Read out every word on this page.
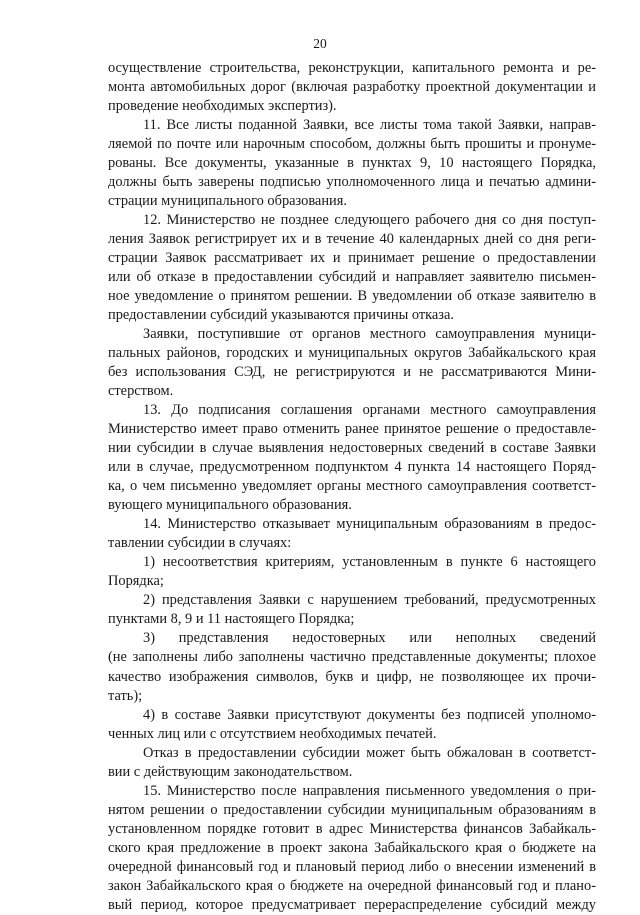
20
осуществление строительства, реконструкции, капитального ремонта и ре-
монта автомобильных дорог (включая разработку проектной документации и
проведение необходимых экспертиз).
11. Все листы поданной Заявки, все листы тома такой Заявки, направ-
ляемой по почте или нарочным способом, должны быть прошиты и пронуме-
рованы. Все документы, указанные в пунктах 9, 10 настоящего Порядка,
должны быть заверены подписью уполномоченного лица и печатью админи-
страции муниципального образования.
12. Министерство не позднее следующего рабочего дня со дня поступ-
ления Заявок регистрирует их и в течение 40 календарных дней со дня реги-
страции Заявок рассматривает их и принимает решение о предоставлении
или об отказе в предоставлении субсидий и направляет заявителю письмен-
ное уведомление о принятом решении. В уведомлении об отказе заявителю в
предоставлении субсидий указываются причины отказа.
Заявки, поступившие от органов местного самоуправления муници-
пальных районов, городских и муниципальных округов Забайкальского края
без использования СЭД, не регистрируются и не рассматриваются Мини-
стерством.
13. До подписания соглашения органами местного самоуправления
Министерство имеет право отменить ранее принятое решение о предоставле-
нии субсидии в случае выявления недостоверных сведений в составе Заявки
или в случае, предусмотренном подпунктом 4 пункта 14 настоящего Поряд-
ка, о чем письменно уведомляет органы местного самоуправления соответст-
вующего муниципального образования.
14. Министерство отказывает муниципальным образованиям в предос-
тавлении субсидии в случаях:
1) несоответствия критериям, установленным в пункте 6 настоящего
Порядка;
2) представления Заявки с нарушением требований, предусмотренных
пунктами 8, 9 и 11 настоящего Порядка;
3) представления недостоверных или неполных сведений
(не заполнены либо заполнены частично представленные документы; плохое
качество изображения символов, букв и цифр, не позволяющее их прочи-
тать);
4) в составе Заявки присутствуют документы без подписей уполномо-
ченных лиц или с отсутствием необходимых печатей.
Отказ в предоставлении субсидии может быть обжалован в соответст-
вии с действующим законодательством.
15. Министерство после направления письменного уведомления о при-
нятом решении о предоставлении субсидии муниципальным образованиям в
установленном порядке готовит в адрес Министерства финансов Забайкаль-
ского края предложение в проект закона Забайкальского края о бюджете на
очередной финансовый год и плановый период либо о внесении изменений в
закон Забайкальского края о бюджете на очередной финансовый год и плано-
вый период, которое предусматривает перераспределение субсидий между
